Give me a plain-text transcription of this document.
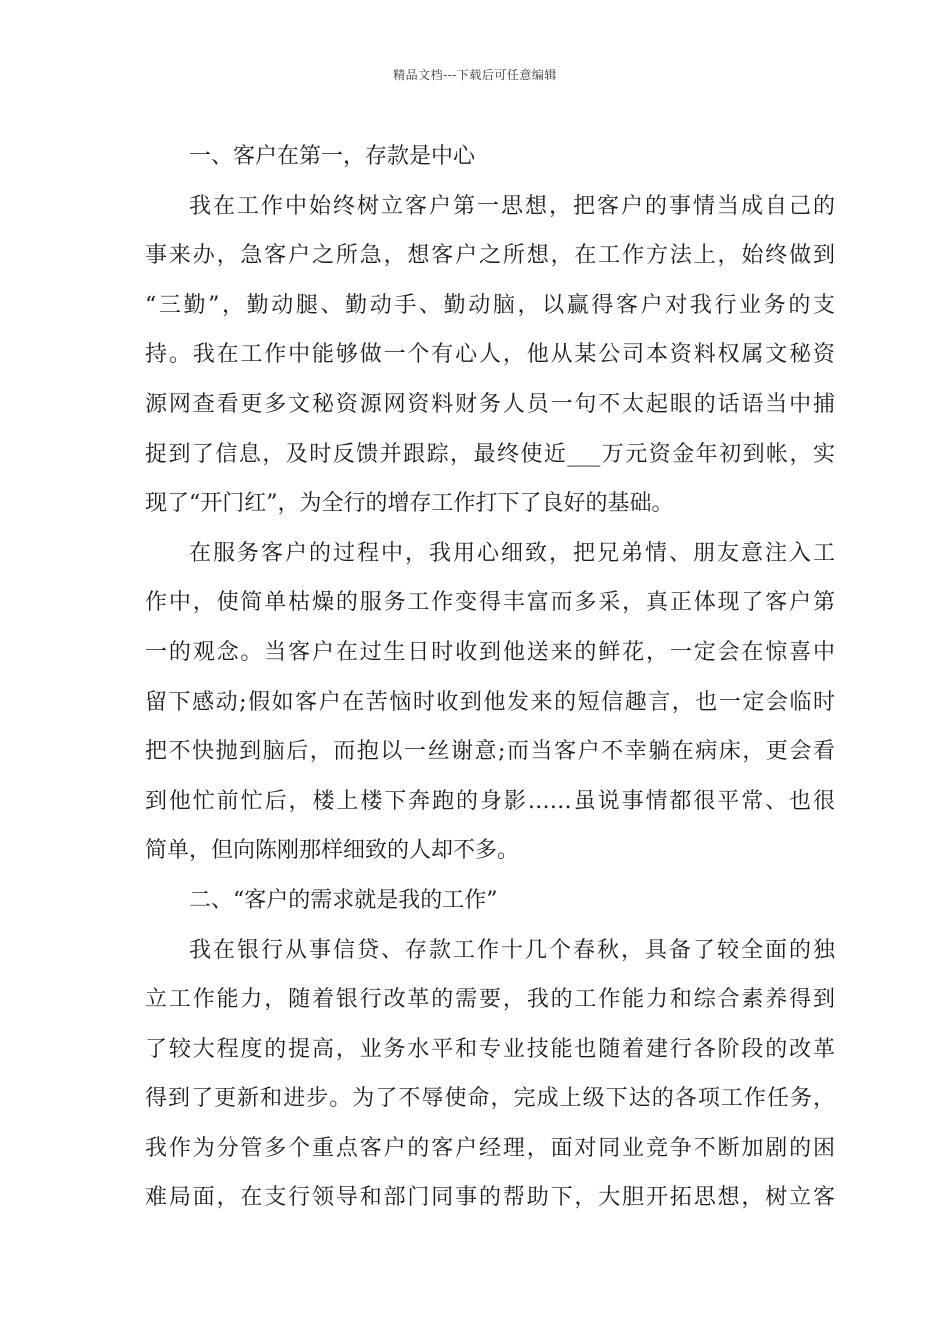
精品文档---下载后可任意编辑
一、客户在第一，存款是中心
我在工作中始终树立客户第一思想，把客户的事情当成自己的
事来办，急客户之所急，想客户之所想，在工作方法上，始终做到
“三勤”，勤动腿、勤动手、勤动脑，以赢得客户对我行业务的支
持。我在工作中能够做一个有心人，他从某公司本资料权属文秘资
源网查看更多文秘资源网资料财务人员一句不太起眼的话语当中捕
捉到了信息，及时反馈并跟踪，最终使近___万元资金年初到帐，实
现了“开门红”，为全行的增存工作打下了良好的基础。
在服务客户的过程中，我用心细致，把兄弟情、朋友意注入工
作中，使简单枯燥的服务工作变得丰富而多采，真正体现了客户第
一的观念。当客户在过生日时收到他送来的鲜花，一定会在惊喜中
留下感动;假如客户在苦恼时收到他发来的短信趣言，也一定会临时
把不快抛到脑后，而抱以一丝谢意;而当客户不幸躺在病床，更会看
到他忙前忙后，楼上楼下奔跑的身影……虽说事情都很平常、也很
简单，但向陈刚那样细致的人却不多。
二、“客户的需求就是我的工作”
我在银行从事信贷、存款工作十几个春秋，具备了较全面的独
立工作能力，随着银行改革的需要，我的工作能力和综合素养得到
了较大程度的提高，业务水平和专业技能也随着建行各阶段的改革
得到了更新和进步。为了不辱使命，完成上级下达的各项工作任务，
我作为分管多个重点客户的客户经理，面对同业竞争不断加剧的困
难局面，在支行领导和部门同事的帮助下，大胆开拓思想，树立客
